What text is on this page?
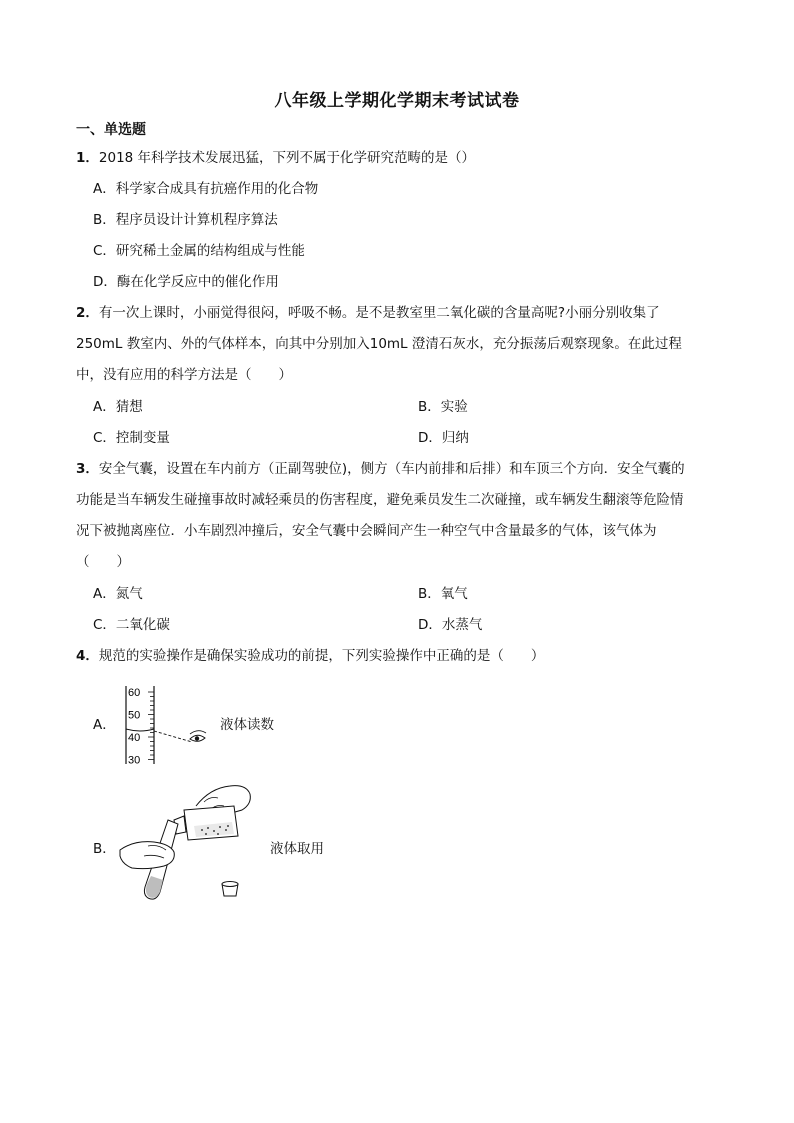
八年级上学期化学期末考试试卷
一、单选题
1．2018 年科学技术发展迅猛，下列不属于化学研究范畴的是（）
A．科学家合成具有抗癌作用的化合物
B．程序员设计计算机程序算法
C．研究稀土金属的结构组成与性能
D．酶在化学反应中的催化作用
2．有一次上课时，小丽觉得很闷，呼吸不畅。是不是教室里二氧化碳的含量高呢?小丽分别收集了
250mL 教室内、外的气体样本，向其中分别加入10mL 澄清石灰水，充分振荡后观察现象。在此过程
中，没有应用的科学方法是（　　）
A．猜想	B．实验
C．控制变量	D．归纳
3．安全气囊，设置在车内前方（正副驾驶位)，侧方（车内前排和后排）和车顶三个方向．安全气囊的
功能是当车辆发生碰撞事故时减轻乘员的伤害程度，避免乘员发生二次碰撞，或车辆发生翻滚等危险情
况下被抛离座位．小车剧烈冲撞后，安全气囊中会瞬间产生一种空气中含量最多的气体，该气体为
（　　）
A．氮气	B．氧气
C．二氧化碳	D．水蒸气
4．规范的实验操作是确保实验成功的前提，下列实验操作中正确的是（　　）
A．
60
50
40
30
液体读数
B．	液体取用
